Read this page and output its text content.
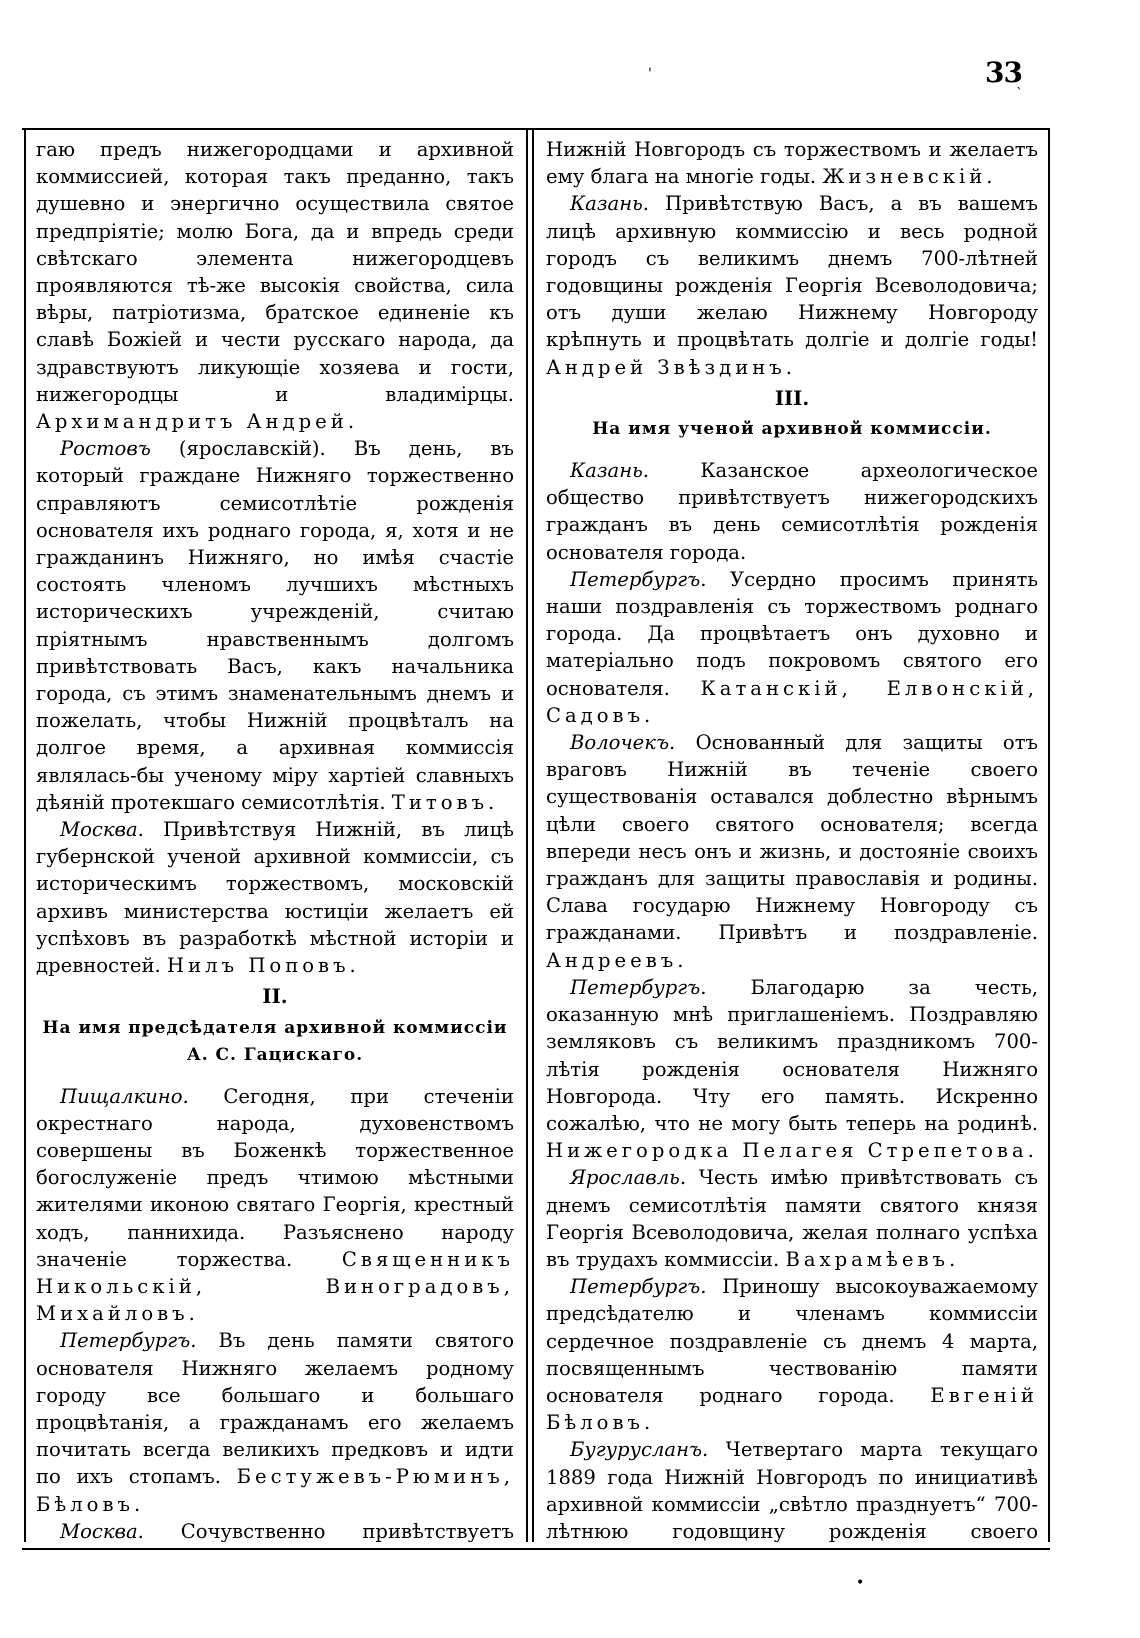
33
'
`
•

гаю предъ нижегородцами и архивной коммиссией, которая такъ преданно, такъ душевно и энергично осуществила святое предпріятіе; молю Бога, да и впредь среди свѣтскаго элемента нижегородцевъ проявляются тѣ-же высокія свойства, сила вѣры, патріотизма, братское единеніе къ славѣ Божіей и чести русскаго народа, да здравствуютъ ликующіе хозяева и гости, нижегородцы и владимірцы. Архимандритъ Андрей.

Ростовъ (ярославскій). Въ день, въ который граждане Нижняго торжественно справляютъ семисотлѣтіе рожденія основателя ихъ роднаго города, я, хотя и не гражданинъ Нижняго, но имѣя счастіе состоять членомъ лучшихъ мѣстныхъ историческихъ учрежденій, считаю пріятнымъ нравственнымъ долгомъ привѣтствовать Васъ, какъ начальника города, съ этимъ знаменательнымъ днемъ и пожелать, чтобы Нижній процвѣталъ на долгое время, а архивная коммиссія являлась-бы ученому міру хартіей славныхъ дѣяній протекшаго семисотлѣтія. Титовъ.

Москва. Привѣтствуя Нижній, въ лицѣ губернской ученой архивной коммиссіи, съ историческимъ торжествомъ, московскій архивъ министерства юстиціи желаетъ ей успѣховъ въ разработкѣ мѣстной исторіи и древностей. Нилъ Поповъ.

II.
На имя предсѣдателя архивной коммиссіи
А. С. Гацискаго.

Пищалкино. Сегодня, при стеченіи окрестнаго народа, духовенствомъ совершены въ Боженкѣ торжественное богослуженіе предъ чтимою мѣстными жителями иконою святаго Георгія, крестный ходъ, паннихида. Разъяснено народу значеніе торжества.	Священникъ Никольскій, Виноградовъ, Михайловъ.

Петербургъ. Въ день памяти святого основателя Нижняго желаемъ родному городу все большаго и большаго процвѣтанія, а гражданамъ его желаемъ почитать всегда великихъ предковъ и идти по ихъ стопамъ. Бестужевъ-Рюминъ, Бѣловъ.

Москва. Сочувственно привѣтствуетъ

Нижній Новгородъ съ торжествомъ и желаетъ ему блага на многіе годы. Жизневскій.

Казань. Привѣтствую Васъ, а въ вашемъ лицѣ архивную коммиссію и весь родной городъ съ великимъ днемъ 700-лѣтней годовщины рожденія Георгія Всеволодовича; отъ души желаю Нижнему Новгороду крѣпнуть и процвѣтать долгіе и долгіе годы! Андрей Звѣздинъ.

III.
На имя ученой архивной коммиссіи.

Казань. Казанское археологическое общество привѣтствуетъ нижегородскихъ гражданъ въ день семисотлѣтія рожденія основателя города.

Петербургъ. Усердно просимъ принять наши поздравленія съ торжествомъ роднаго города. Да процвѣтаетъ онъ духовно и матеріально подъ покровомъ святого его основателя. Катанскій, Елвонскій, Садовъ.

Волочекъ. Основанный для защиты отъ враговъ Нижній въ теченіе своего существованія оставался доблестно вѣрнымъ цѣли своего святого основателя; всегда впереди несъ онъ и жизнь, и достояніе своихъ гражданъ для защиты православія и родины. Слава государю Нижнему Новгороду съ гражданами. Привѣтъ и поздравленіе. Андреевъ.

Петербургъ. Благодарю за честь, оказанную мнѣ приглашеніемъ. Поздравляю земляковъ съ великимъ праздникомъ 700-лѣтія рожденія основателя Нижняго Новгорода. Чту его память. Искренно сожалѣю, что не могу быть теперь на родинѣ. Нижегородка Пелагея Стрепетова.

Ярославль. Честь имѣю привѣтствовать съ днемъ семисотлѣтія памяти святого князя Георгія Всеволодовича, желая полнаго успѣха въ трудахъ коммиссіи. Вахрамѣевъ.

Петербургъ. Приношу высокоуважаемому предсѣдателю и членамъ коммиссіи сердечное поздравленіе съ днемъ 4 марта, посвященнымъ чествованію памяти основателя роднаго города. Евгеній Бѣловъ.

Бугурусланъ. Четвертаго марта текущаго 1889 года Нижній Новгородъ по инициативѣ архивной коммиссіи „свѣтло празднуетъ“ 700-лѣтнюю годовщину рожденія своего
